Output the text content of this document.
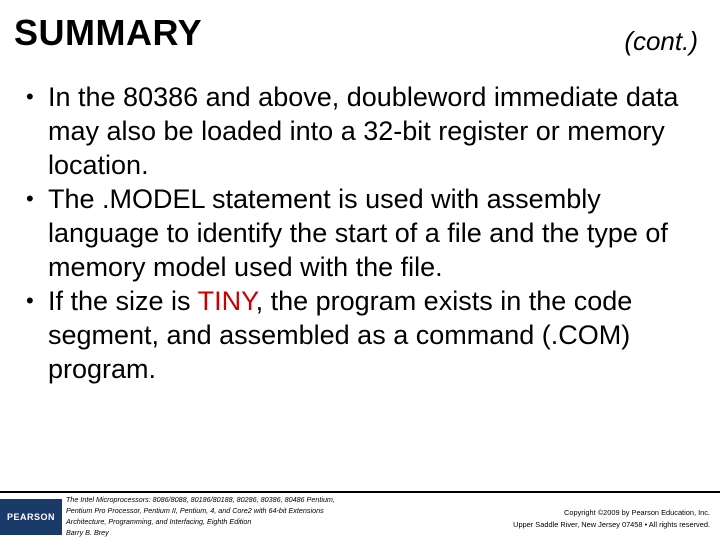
SUMMARY	(cont.)
• In the 80386 and above, doubleword immediate data may also be loaded into a 32-bit register or memory location.
• The .MODEL statement is used with assembly language to identify the start of a file and the type of memory model used with the file.
• If the size is TINY, the program exists in the code segment, and assembled as a command (.COM) program.
PEARSON
The Intel Microprocessors: 8086/8088, 80186/80188, 80286, 80386, 80486 Pentium,
Pentium Pro Processor, Pentium II, Pentium, 4, and Core2 with 64-bit Extensions
Architecture, Programming, and Interfacing, Eighth Edition
Barry B. Brey
Copyright ©2009 by Pearson Education, Inc.
Upper Saddle River, New Jersey 07458 • All rights reserved.
